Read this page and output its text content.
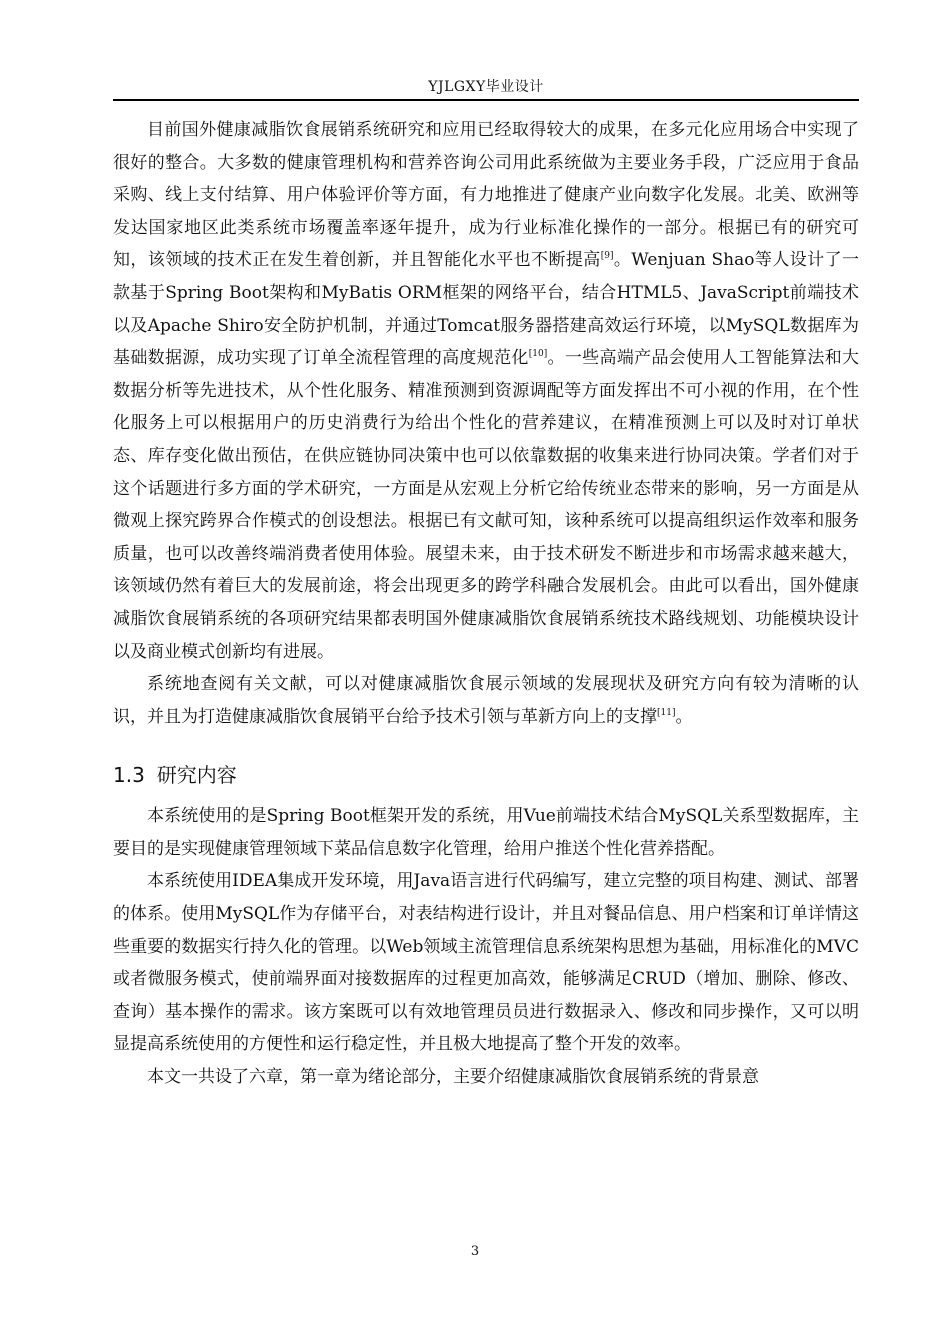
YJLGXY毕业设计

目前国外健康减脂饮食展销系统研究和应用已经取得较大的成果，在多元化应用场合中实现了很好的整合。大多数的健康管理机构和营养咨询公司用此系统做为主要业务手段，广泛应用于食品采购、线上支付结算、用户体验评价等方面，有力地推进了健康产业向数字化发展。北美、欧洲等发达国家地区此类系统市场覆盖率逐年提升，成为行业标准化操作的一部分。根据已有的研究可知，该领域的技术正在发生着创新，并且智能化水平也不断提高[9]。Wenjuan Shao等人设计了一款基于Spring Boot架构和MyBatis ORM框架的网络平台，结合HTML5、JavaScript前端技术以及Apache Shiro安全防护机制，并通过Tomcat服务器搭建高效运行环境，以MySQL数据库为基础数据源，成功实现了订单全流程管理的高度规范化[10]。一些高端产品会使用人工智能算法和大数据分析等先进技术，从个性化服务、精准预测到资源调配等方面发挥出不可小视的作用，在个性化服务上可以根据用户的历史消费行为给出个性化的营养建议，在精准预测上可以及时对订单状态、库存变化做出预估，在供应链协同决策中也可以依靠数据的收集来进行协同决策。学者们对于这个话题进行多方面的学术研究，一方面是从宏观上分析它给传统业态带来的影响，另一方面是从微观上探究跨界合作模式的创设想法。根据已有文献可知，该种系统可以提高组织运作效率和服务质量，也可以改善终端消费者使用体验。展望未来，由于技术研发不断进步和市场需求越来越大，该领域仍然有着巨大的发展前途，将会出现更多的跨学科融合发展机会。由此可以看出，国外健康减脂饮食展销系统的各项研究结果都表明国外健康减脂饮食展销系统技术路线规划、功能模块设计以及商业模式创新均有进展。

系统地查阅有关文献，可以对健康减脂饮食展示领域的发展现状及研究方向有较为清晰的认识，并且为打造健康减脂饮食展销平台给予技术引领与革新方向上的支撑[11]。

1.3 研究内容

本系统使用的是Spring Boot框架开发的系统，用Vue前端技术结合MySQL关系型数据库，主要目的是实现健康管理领域下菜品信息数字化管理，给用户推送个性化营养搭配。

本系统使用IDEA集成开发环境，用Java语言进行代码编写，建立完整的项目构建、测试、部署的体系。使用MySQL作为存储平台，对表结构进行设计，并且对餐品信息、用户档案和订单详情这些重要的数据实行持久化的管理。以Web领域主流管理信息系统架构思想为基础，用标准化的MVC或者微服务模式，使前端界面对接数据库的过程更加高效，能够满足CRUD（增加、删除、修改、查询）基本操作的需求。该方案既可以有效地管理员员进行数据录入、修改和同步操作，又可以明显提高系统使用的方便性和运行稳定性，并且极大地提高了整个开发的效率。

本文一共设了六章，第一章为绪论部分，主要介绍健康减脂饮食展销系统的背景意

3
